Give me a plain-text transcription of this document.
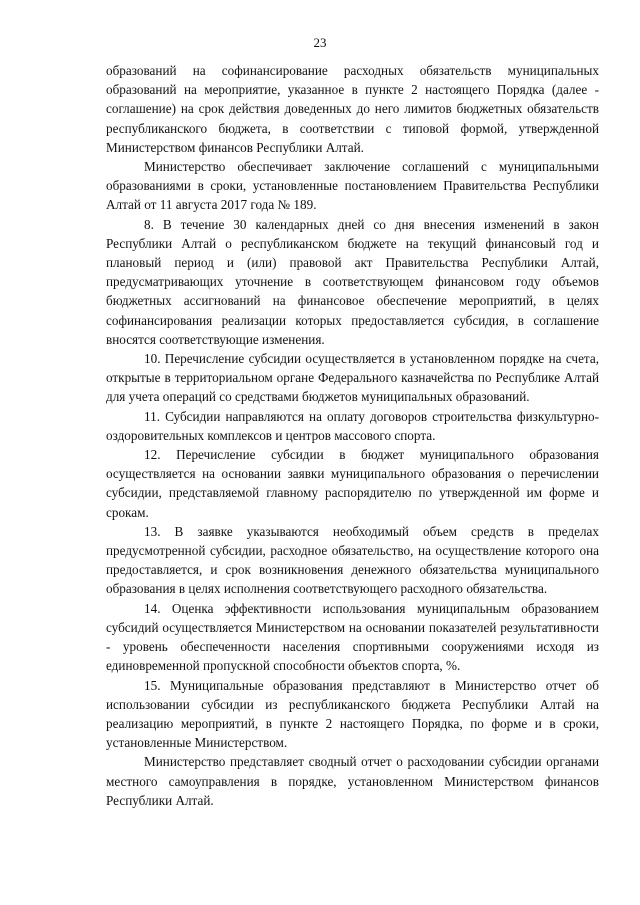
23

образований на софинансирование расходных обязательств муниципальных образований на мероприятие, указанное в пункте 2 настоящего Порядка (далее - соглашение) на срок действия доведенных до него лимитов бюджетных обязательств республиканского бюджета, в соответствии с типовой формой, утвержденной Министерством финансов Республики Алтай.

Министерство обеспечивает заключение соглашений с муниципальными образованиями в сроки, установленные постановлением Правительства Республики Алтай от 11 августа 2017 года № 189.

8. В течение 30 календарных дней со дня внесения изменений в закон Республики Алтай о республиканском бюджете на текущий финансовый год и плановый период и (или) правовой акт Правительства Республики Алтай, предусматривающих уточнение в соответствующем финансовом году объемов бюджетных ассигнований на финансовое обеспечение мероприятий, в целях софинансирования реализации которых предоставляется субсидия, в соглашение вносятся соответствующие изменения.

10. Перечисление субсидии осуществляется в установленном порядке на счета, открытые в территориальном органе Федерального казначейства по Республике Алтай для учета операций со средствами бюджетов муниципальных образований.

11. Субсидии направляются на оплату договоров строительства физкультурно-оздоровительных комплексов и центров массового спорта.

12. Перечисление субсидии в бюджет муниципального образования осуществляется на основании заявки муниципального образования о перечислении субсидии, представляемой главному распорядителю по утвержденной им форме и срокам.

13. В заявке указываются необходимый объем средств в пределах предусмотренной субсидии, расходное обязательство, на осуществление которого она предоставляется, и срок возникновения денежного обязательства муниципального образования в целях исполнения соответствующего расходного обязательства.

14. Оценка эффективности использования муниципальным образованием субсидий осуществляется Министерством на основании показателей результативности - уровень обеспеченности населения спортивными сооружениями исходя из единовременной пропускной способности объектов спорта, %.

15. Муниципальные образования представляют в Министерство отчет об использовании субсидии из республиканского бюджета Республики Алтай на реализацию мероприятий, в пункте 2 настоящего Порядка, по форме и в сроки, установленные Министерством.

Министерство представляет сводный отчет о расходовании субсидии органами местного самоуправления в порядке, установленном Министерством финансов Республики Алтай.
